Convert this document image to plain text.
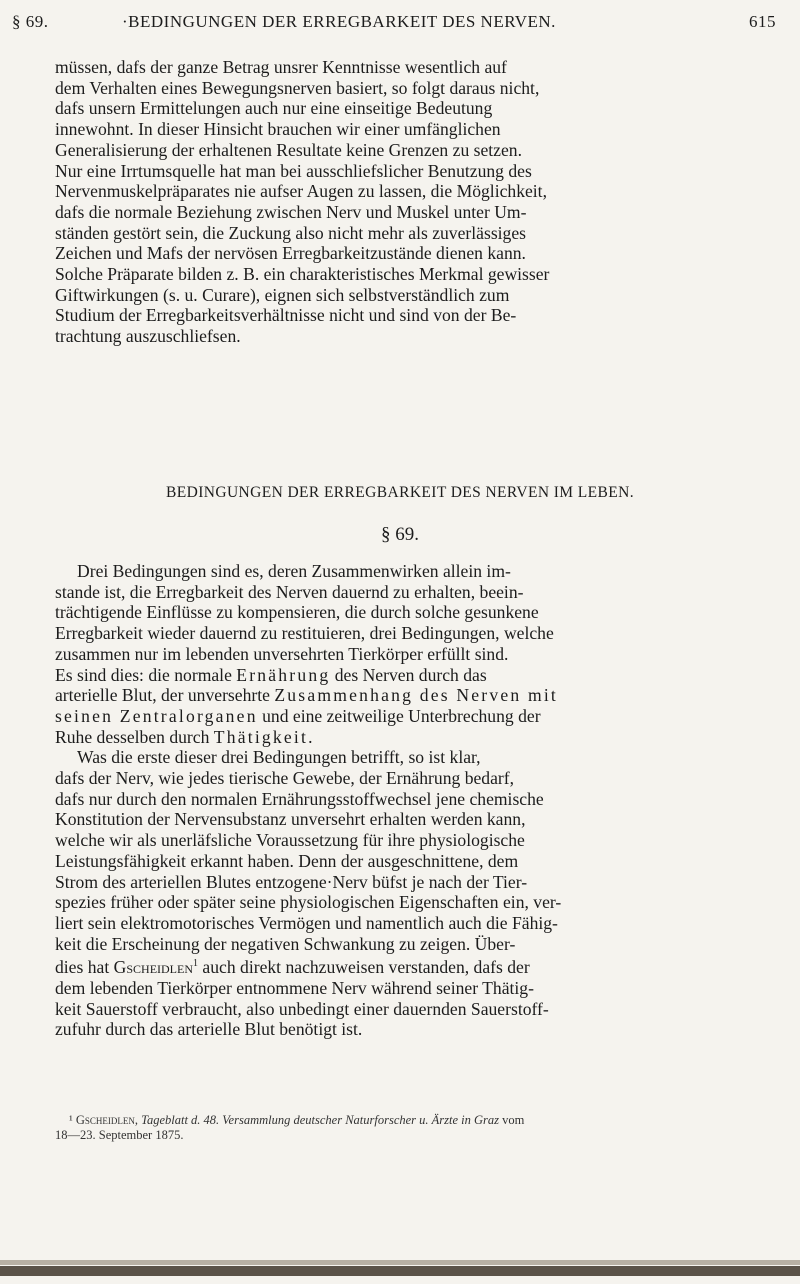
§ 69.	·BEDINGUNGEN DER ERREGBARKEIT DES NERVEN.	615
müssen, dafs der ganze Betrag unsrer Kenntnisse wesentlich auf
dem Verhalten eines Bewegungsnerven basiert, so folgt daraus nicht,
dafs unsern Ermittelungen auch nur eine einseitige Bedeutung
innewohnt. In dieser Hinsicht brauchen wir einer umfänglichen
Generalisierung der erhaltenen Resultate keine Grenzen zu setzen.
Nur eine Irrtumsquelle hat man bei ausschliefslicher Benutzung des
Nervenmuskelpräparates nie aufser Augen zu lassen, die Möglichkeit,
dafs die normale Beziehung zwischen Nerv und Muskel unter Um-
ständen gestört sein, die Zuckung also nicht mehr als zuverlässiges
Zeichen und Mafs der nervösen Erregbarkeitzustände dienen kann.
Solche Präparate bilden z. B. ein charakteristisches Merkmal gewisser
Giftwirkungen (s. u. Curare), eignen sich selbstverständlich zum
Studium der Erregbarkeitsverhältnisse nicht und sind von der Be-
trachtung auszuschliefsen.
BEDINGUNGEN DER ERREGBARKEIT DES NERVEN IM LEBEN.
§ 69.
Drei Bedingungen sind es, deren Zusammenwirken allein im-
stande ist, die Erregbarkeit des Nerven dauernd zu erhalten, beein-
trächtigende Einflüsse zu kompensieren, die durch solche gesunkene
Erregbarkeit wieder dauernd zu restituieren, drei Bedingungen, welche
zusammen nur im lebenden unversehrten Tierkörper erfüllt sind.
Es sind dies: die normale Ernährung des Nerven durch das
arterielle Blut, der unversehrte Zusammenhang des Nerven mit
seinen Zentralorganen und eine zeitweilige Unterbrechung der
Ruhe desselben durch Thätigkeit.
Was die erste dieser drei Bedingungen betrifft, so ist klar,
dafs der Nerv, wie jedes tierische Gewebe, der Ernährung bedarf,
dafs nur durch den normalen Ernährungsstoffwechsel jene chemische
Konstitution der Nervensubstanz unversehrt erhalten werden kann,
welche wir als unerläfsliche Voraussetzung für ihre physiologische
Leistungsfähigkeit erkannt haben. Denn der ausgeschnittene, dem
Strom des arteriellen Blutes entzogene·Nerv büfst je nach der Tier-
spezies früher oder später seine physiologischen Eigenschaften ein, ver-
liert sein elektromotorisches Vermögen und namentlich auch die Fähig-
keit die Erscheinung der negativen Schwankung zu zeigen. Über-
dies hat Gscheidlen$^1$ auch direkt nachzuweisen verstanden, dafs der
dem lebenden Tierkörper entnommene Nerv während seiner Thätig-
keit Sauerstoff verbraucht, also unbedingt einer dauernden Sauerstoff-
zufuhr durch das arterielle Blut benötigt ist.
¹ Gscheidlen, Tageblatt d. 48. Versammlung deutscher Naturforscher u. Ärzte in Graz vom
18—23. September 1875.
